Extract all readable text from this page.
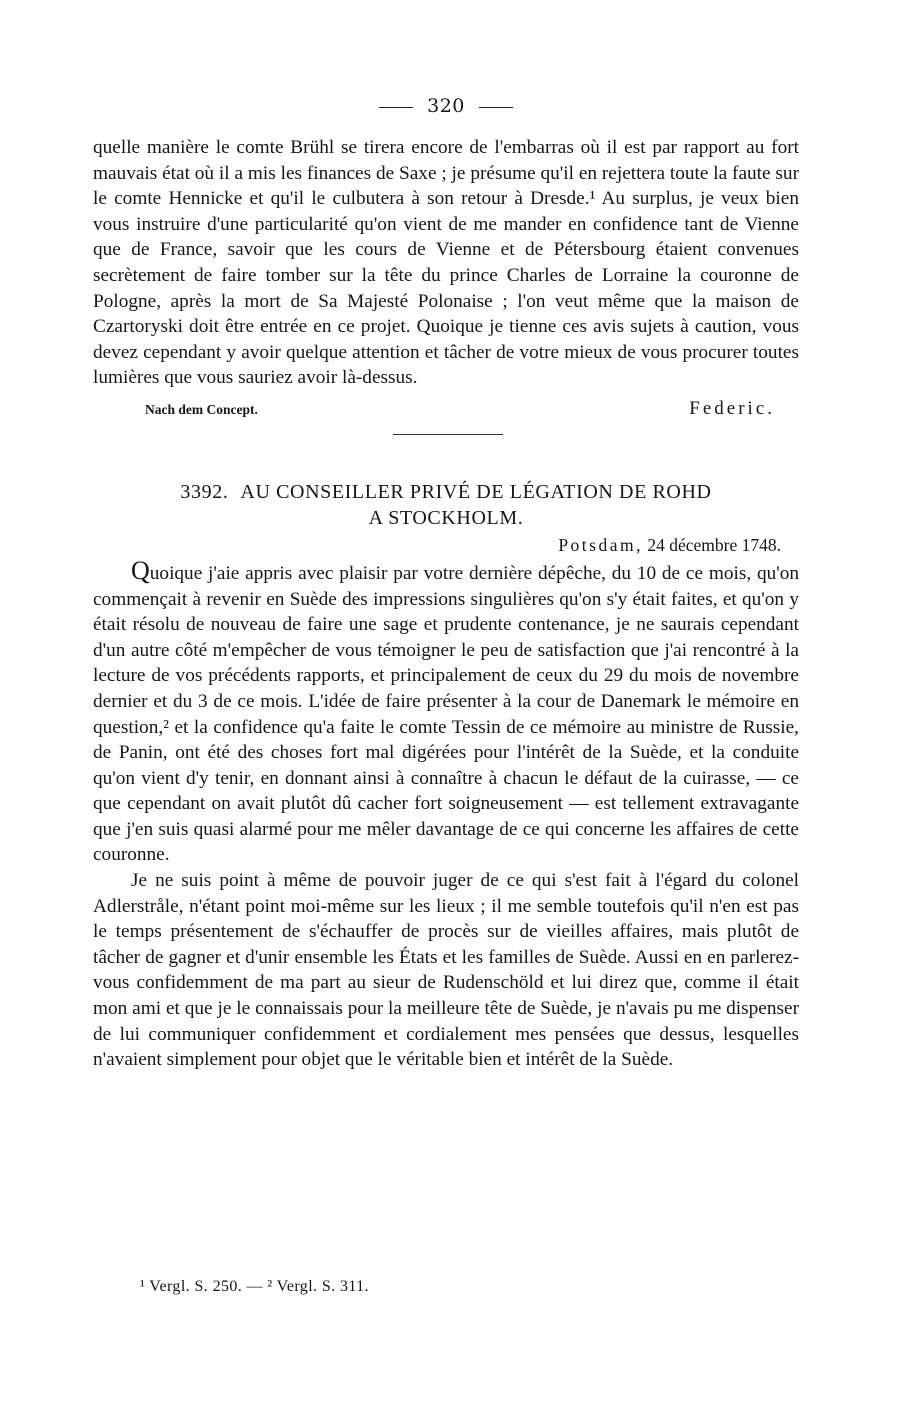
320

quelle manière le comte Brühl se tirera encore de l'embarras où il est par rapport au fort mauvais état où il a mis les finances de Saxe ; je présume qu'il en rejettera toute la faute sur le comte Hennicke et qu'il le culbutera à son retour à Dresde.¹ Au surplus, je veux bien vous instruire d'une particularité qu'on vient de me mander en confidence tant de Vienne que de France, savoir que les cours de Vienne et de Pétersbourg étaient convenues secrètement de faire tomber sur la tête du prince Charles de Lorraine la couronne de Pologne, après la mort de Sa Majesté Polonaise ; l'on veut même que la maison de Czartoryski doit être entrée en ce projet. Quoique je tienne ces avis sujets à caution, vous devez cependant y avoir quelque attention et tâcher de votre mieux de vous procurer toutes lumières que vous sauriez avoir là-dessus.

Nach dem Concept.	Federic.
3392. AU CONSEILLER PRIVÉ DE LÉGATION DE ROHD
A STOCKHOLM.
Potsdam, 24 décembre 1748.

Quoique j'aie appris avec plaisir par votre dernière dépêche, du 10 de ce mois, qu'on commençait à revenir en Suède des impressions singulières qu'on s'y était faites, et qu'on y était résolu de nouveau de faire une sage et prudente contenance, je ne saurais cependant d'un autre côté m'empêcher de vous témoigner le peu de satisfaction que j'ai rencontré à la lecture de vos précédents rapports, et principalement de ceux du 29 du mois de novembre dernier et du 3 de ce mois. L'idée de faire présenter à la cour de Danemark le mémoire en question,² et la confidence qu'a faite le comte Tessin de ce mémoire au ministre de Russie, de Panin, ont été des choses fort mal digérées pour l'intérêt de la Suède, et la conduite qu'on vient d'y tenir, en donnant ainsi à connaître à chacun le défaut de la cuirasse, — ce que cependant on avait plutôt dû cacher fort soigneusement — est tellement extravagante que j'en suis quasi alarmé pour me mêler davantage de ce qui concerne les affaires de cette couronne.

Je ne suis point à même de pouvoir juger de ce qui s'est fait à l'égard du colonel Adlerstråle, n'étant point moi-même sur les lieux ; il me semble toutefois qu'il n'en est pas le temps présentement de s'échauffer de procès sur de vieilles affaires, mais plutôt de tâcher de gagner et d'unir ensemble les États et les familles de Suède. Aussi en en parlerez-vous confidemment de ma part au sieur de Rudenschöld et lui direz que, comme il était mon ami et que je le connaissais pour la meilleure tête de Suède, je n'avais pu me dispenser de lui communiquer confidemment et cordialement mes pensées que dessus, lesquelles n'avaient simplement pour objet que le véritable bien et intérêt de la Suède.

¹ Vergl. S. 250. — ² Vergl. S. 311.
